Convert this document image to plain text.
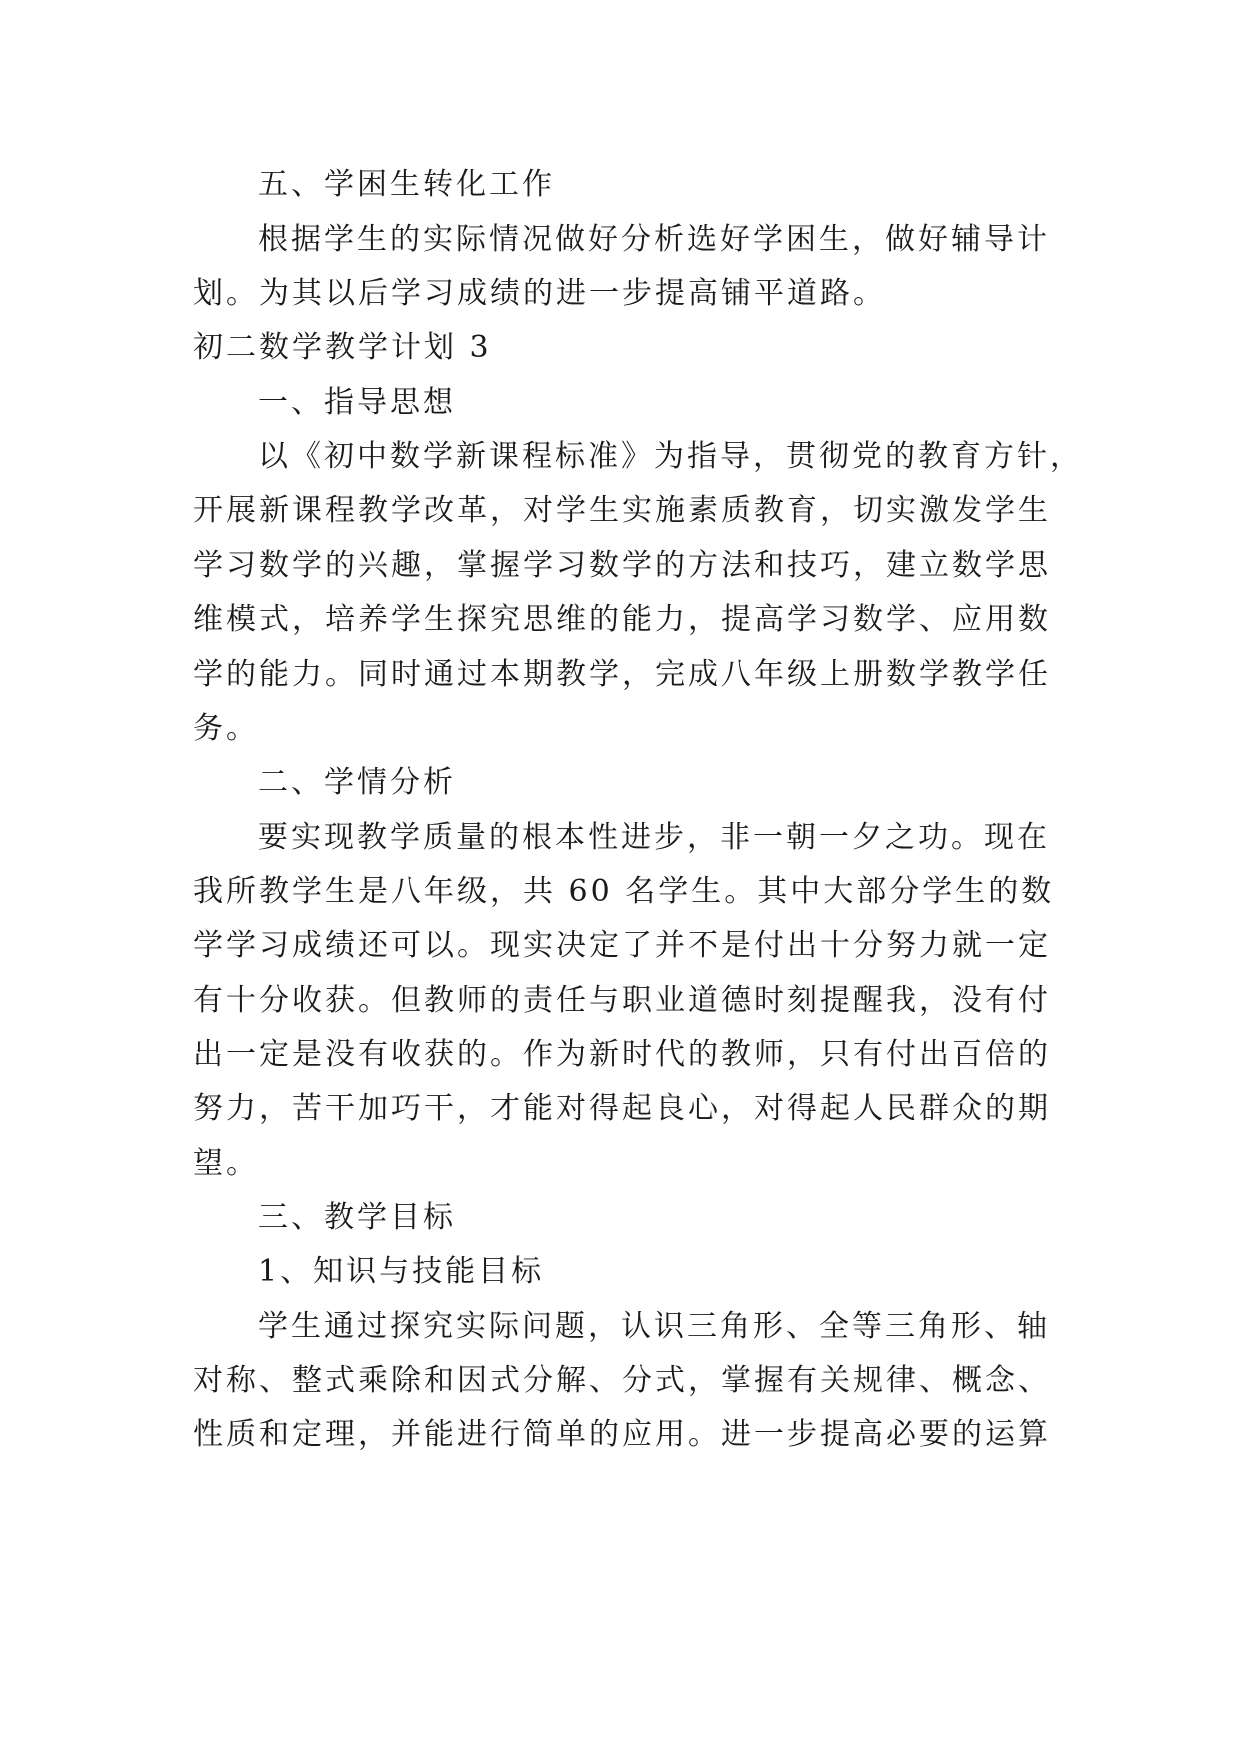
五、学困生转化工作
根据学生的实际情况做好分析选好学困生，做好辅导计
划。为其以后学习成绩的进一步提高铺平道路。
初二数学教学计划 3
一、指导思想
以《初中数学新课程标准》为指导，贯彻党的教育方针，
开展新课程教学改革，对学生实施素质教育，切实激发学生
学习数学的兴趣，掌握学习数学的方法和技巧，建立数学思
维模式，培养学生探究思维的能力，提高学习数学、应用数
学的能力。同时通过本期教学，完成八年级上册数学教学任
务。
二、学情分析
要实现教学质量的根本性进步，非一朝一夕之功。现在
我所教学生是八年级，共 60 名学生。其中大部分学生的数
学学习成绩还可以。现实决定了并不是付出十分努力就一定
有十分收获。但教师的责任与职业道德时刻提醒我，没有付
出一定是没有收获的。作为新时代的教师，只有付出百倍的
努力，苦干加巧干，才能对得起良心，对得起人民群众的期
望。
三、教学目标
1、知识与技能目标
学生通过探究实际问题，认识三角形、全等三角形、轴
对称、整式乘除和因式分解、分式，掌握有关规律、概念、
性质和定理，并能进行简单的应用。进一步提高必要的运算
